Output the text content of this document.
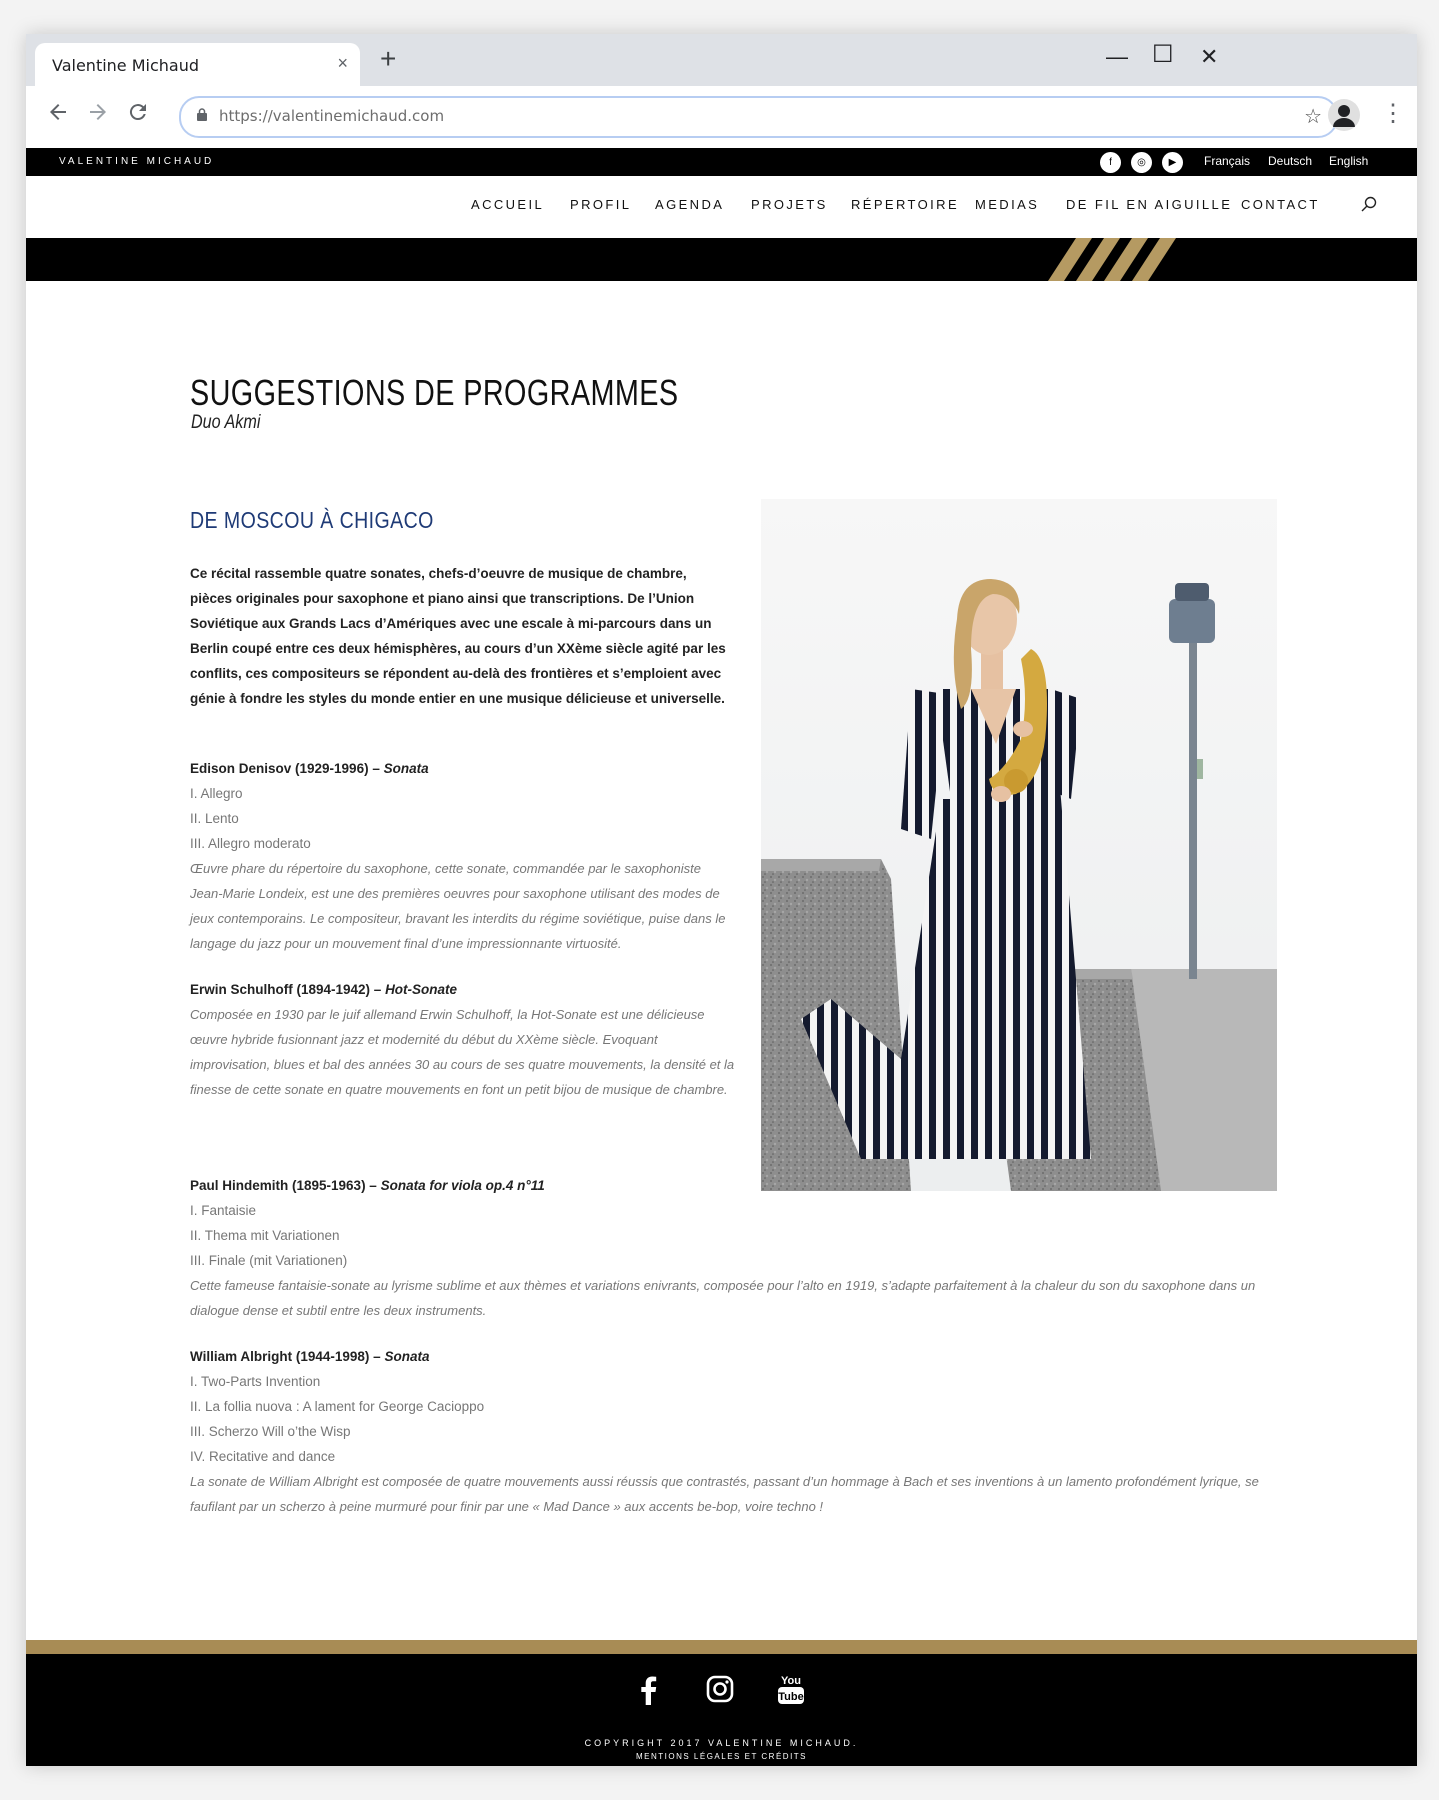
Valentine Michaud	× +	— ☐ ✕
https://valentinemichaud.com	☆ ⋮
VALENTINE MICHAUD	f	◎	▶	Français Deutsch English
ACCUEIL PROFIL AGENDA PROJETS RÉPERTOIRE MEDIAS DE FIL EN AIGUILLE CONTACT
SUGGESTIONS DE PROGRAMMES
Duo Akmi
DE MOSCOU À CHIGACO
Ce récital rassemble quatre sonates, chefs-d’oeuvre de musique de chambre, pièces originales pour saxophone et piano ainsi que transcriptions. De l’Union Soviétique aux Grands Lacs d’Amériques avec une escale à mi-parcours dans un Berlin coupé entre ces deux hémisphères, au cours d’un XXème siècle agité par les conflits, ces compositeurs se répondent au-delà des frontières et s’emploient avec génie à fondre les styles du monde entier en une musique délicieuse et universelle.
Edison Denisov (1929-1996) – Sonata
I. Allegro
II. Lento
III. Allegro moderato
Œuvre phare du répertoire du saxophone, cette sonate, commandée par le saxophoniste Jean-Marie Londeix, est une des premières oeuvres pour saxophone utilisant des modes de jeux contemporains. Le compositeur, bravant les interdits du régime soviétique, puise dans le langage du jazz pour un mouvement final d’une impressionnante virtuosité.
Erwin Schulhoff (1894-1942) – Hot-Sonate
Composée en 1930 par le juif allemand Erwin Schulhoff, la Hot-Sonate est une délicieuse œuvre hybride fusionnant jazz et modernité du début du XXème siècle. Evoquant improvisation, blues et bal des années 30 au cours de ses quatre mouvements, la densité et la finesse de cette sonate en quatre mouvements en font un petit bijou de musique de chambre.
Paul Hindemith (1895-1963) – Sonata for viola op.4 n°11
I. Fantaisie
II. Thema mit Variationen
III. Finale (mit Variationen)
Cette fameuse fantaisie-sonate au lyrisme sublime et aux thèmes et variations enivrants, composée pour l’alto en 1919, s’adapte parfaitement à la chaleur du son du saxophone dans un dialogue dense et subtil entre les deux instruments.
William Albright (1944-1998) – Sonata
I. Two-Parts Invention
II. La follia nuova : A lament for George Cacioppo
III. Scherzo Will o’the Wisp
IV. Recitative and dance
La sonate de William Albright est composée de quatre mouvements aussi réussis que contrastés, passant d’un hommage à Bach et ses inventions à un lamento profondément lyrique, se faufilant par un scherzo à peine murmuré pour finir par une « Mad Dance » aux accents be-bop, voire techno !
You
Tube
COPYRIGHT 2017 VALENTINE MICHAUD.
MENTIONS LÉGALES ET CRÉDITS
